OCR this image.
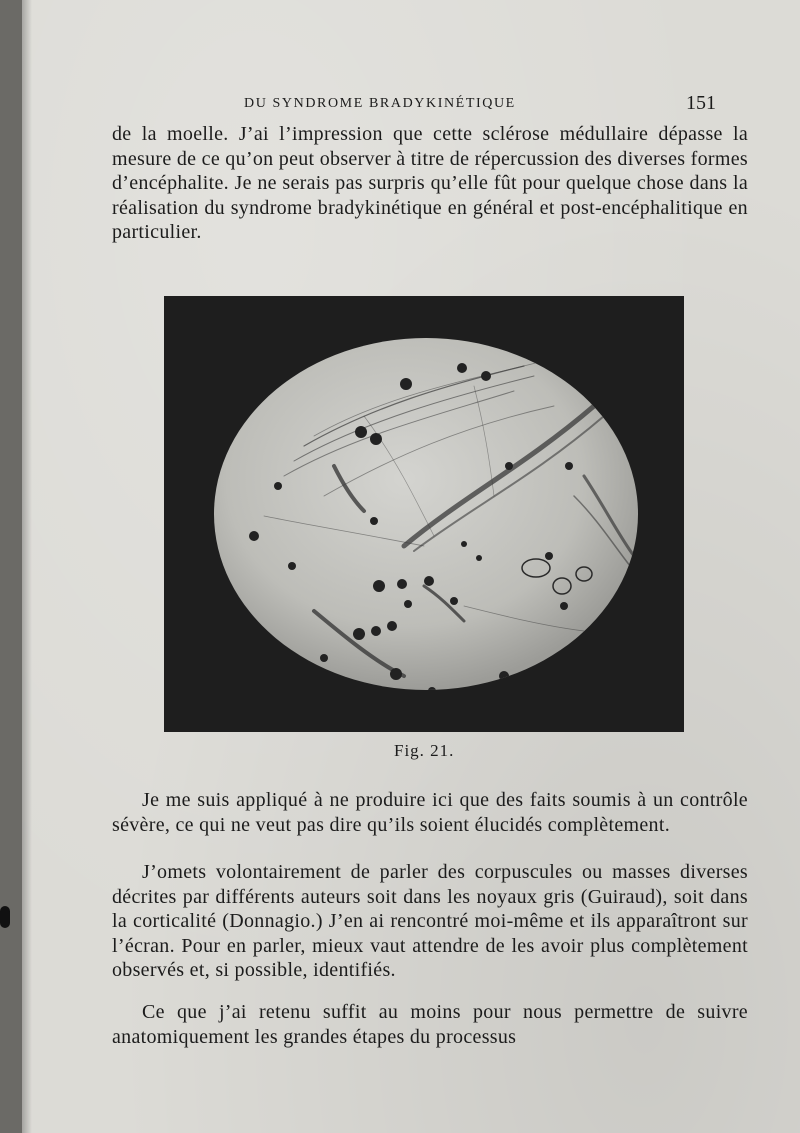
DU SYNDROME BRADYKINÉTIQUE	151

de la moelle. J’ai l’impression que cette sclérose médullaire dépasse la mesure de ce qu’on peut observer à titre de répercussion des diverses formes d’encéphalite. Je ne serais pas surpris qu’elle fût pour quelque chose dans la réalisation du syndrome bradykinétique en général et post-encéphalitique en particulier.

Fig. 21.

Je me suis appliqué à ne produire ici que des faits soumis à un contrôle sévère, ce qui ne veut pas dire qu’ils soient élucidés complètement.

J’omets volontairement de parler des corpuscules ou masses diverses décrites par différents auteurs soit dans les noyaux gris (Guiraud), soit dans la corticalité (Donnagio.) J’en ai rencontré moi-même et ils apparaîtront sur l’écran. Pour en parler, mieux vaut attendre de les avoir plus complètement observés et, si possible, identifiés.

Ce que j’ai retenu suffit au moins pour nous permettre de suivre anatomiquement les grandes étapes du processus
